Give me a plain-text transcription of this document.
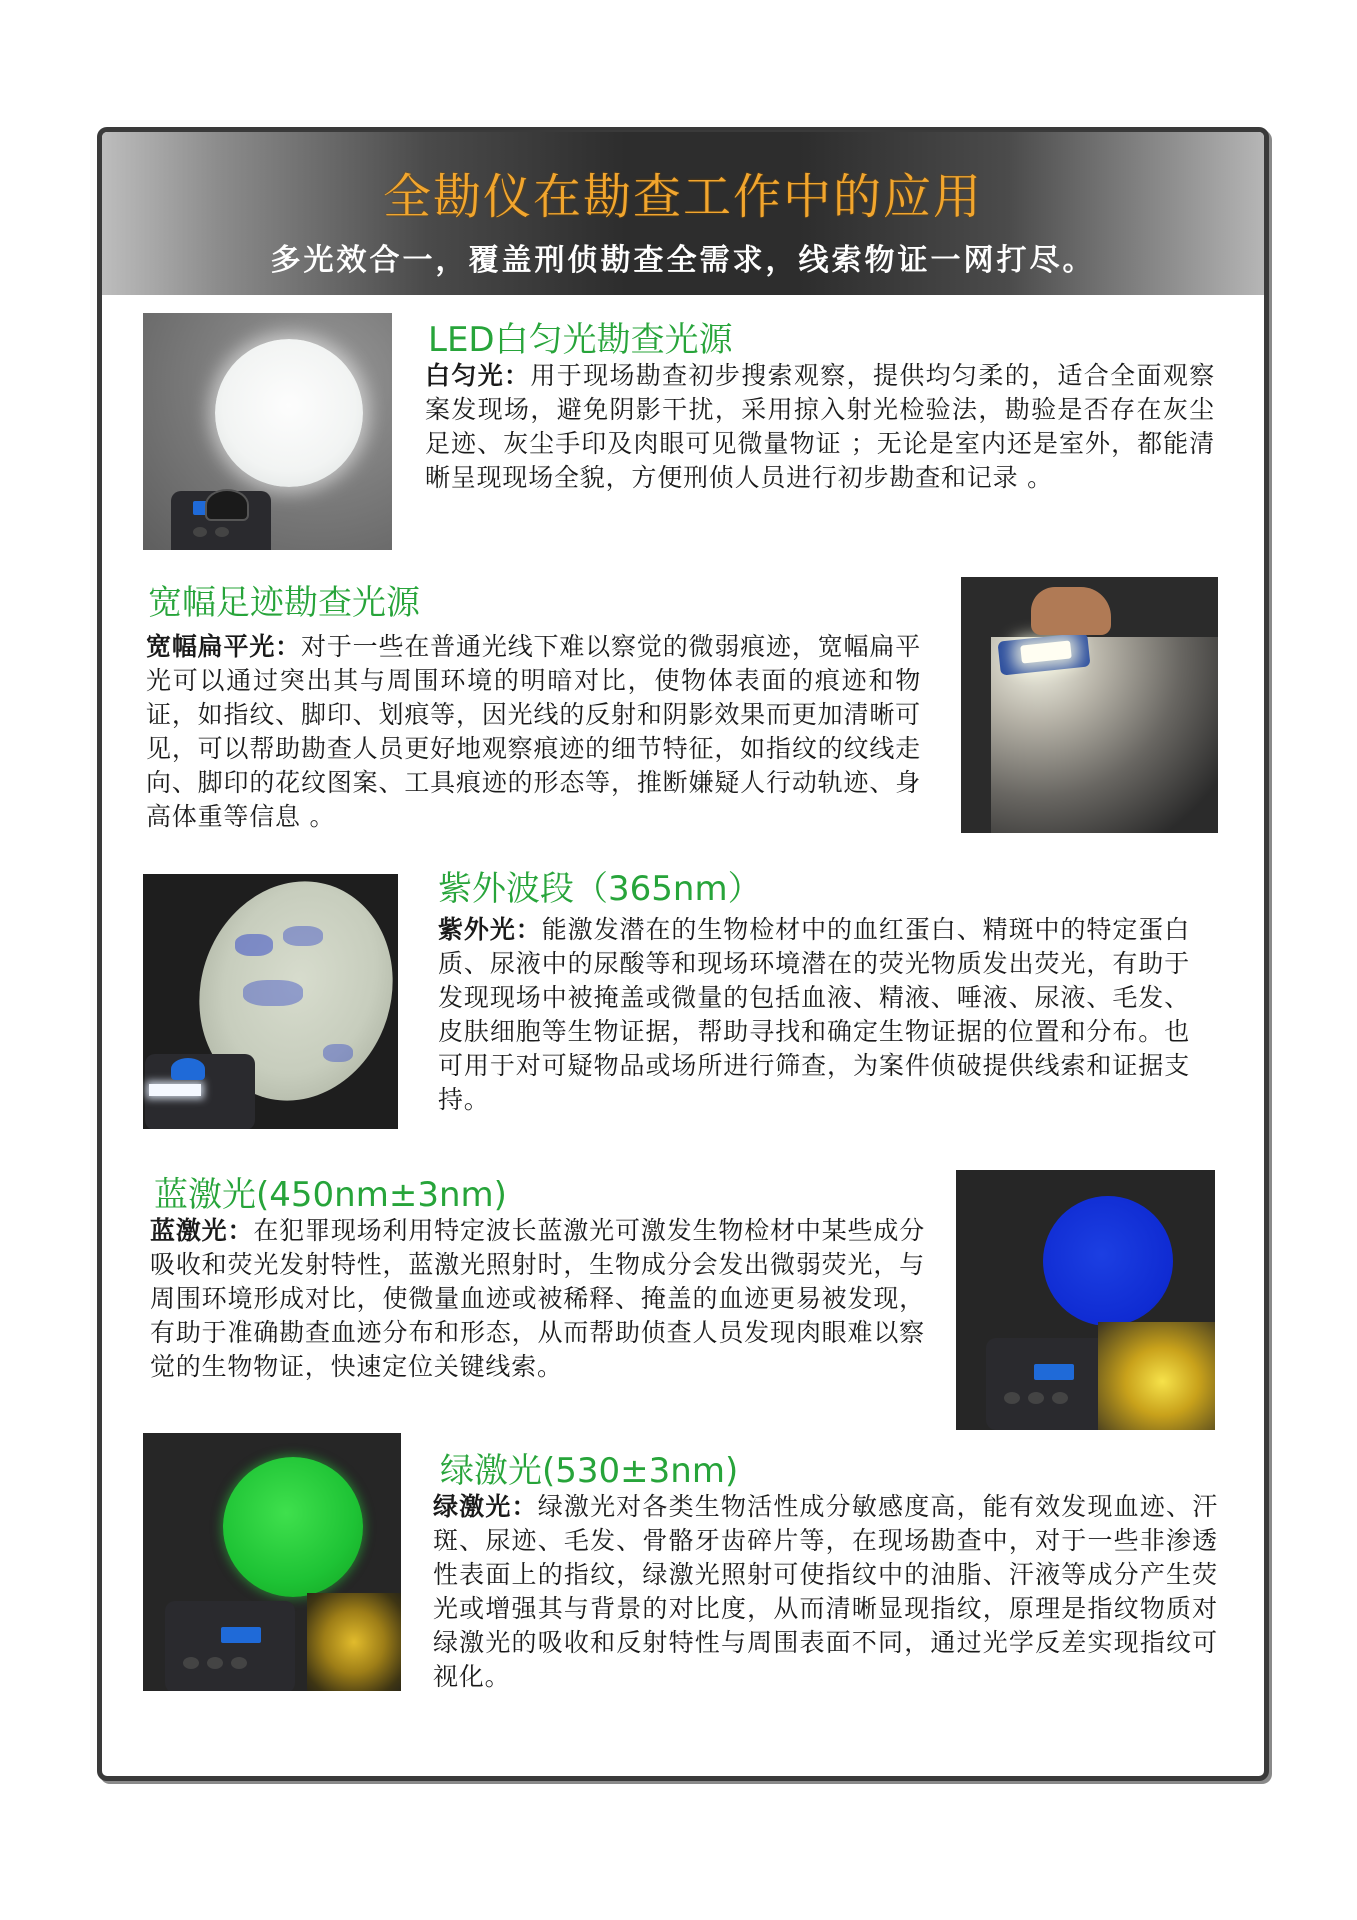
全勘仪在勘查工作中的应用
多光效合一，覆盖刑侦勘查全需求，线索物证一网打尽。
LED白匀光勘查光源
白匀光：用于现场勘查初步搜索观察，提供均匀柔的，适合全面观察案发现场，避免阴影干扰，采用掠入射光检验法，勘验是否存在灰尘足迹、灰尘手印及肉眼可见微量物证 ；无论是室内还是室外，都能清晰呈现现场全貌，方便刑侦人员进行初步勘查和记录 。
宽幅足迹勘查光源
宽幅扁平光：对于一些在普通光线下难以察觉的微弱痕迹，宽幅扁平光可以通过突出其与周围环境的明暗对比，使物体表面的痕迹和物证，如指纹、脚印、划痕等，因光线的反射和阴影效果而更加清晰可见，可以帮助勘查人员更好地观察痕迹的细节特征，如指纹的纹线走向、脚印的花纹图案、工具痕迹的形态等，推断嫌疑人行动轨迹、身高体重等信息 。
紫外波段（365nm）
紫外光：能激发潜在的生物检材中的血红蛋白、精斑中的特定蛋白质、尿液中的尿酸等和现场环境潜在的荧光物质发出荧光，有助于发现现场中被掩盖或微量的包括血液、精液、唾液、尿液、毛发、皮肤细胞等生物证据，帮助寻找和确定生物证据的位置和分布。也可用于对可疑物品或场所进行筛查，为案件侦破提供线索和证据支持。
蓝激光(450nm±3nm)
蓝激光：在犯罪现场利用特定波长蓝激光可激发生物检材中某些成分吸收和荧光发射特性，蓝激光照射时，生物成分会发出微弱荧光，与周围环境形成对比，使微量血迹或被稀释、掩盖的血迹更易被发现，有助于准确勘查血迹分布和形态，从而帮助侦查人员发现肉眼难以察觉的生物物证，快速定位关键线索。
绿激光(530±3nm)
绿激光：绿激光对各类生物活性成分敏感度高，能有效发现血迹、汗斑、尿迹、毛发、骨骼牙齿碎片等，在现场勘查中，对于一些非渗透性表面上的指纹，绿激光照射可使指纹中的油脂、汗液等成分产生荧光或增强其与背景的对比度，从而清晰显现指纹，原理是指纹物质对绿激光的吸收和反射特性与周围表面不同，通过光学反差实现指纹可视化。
